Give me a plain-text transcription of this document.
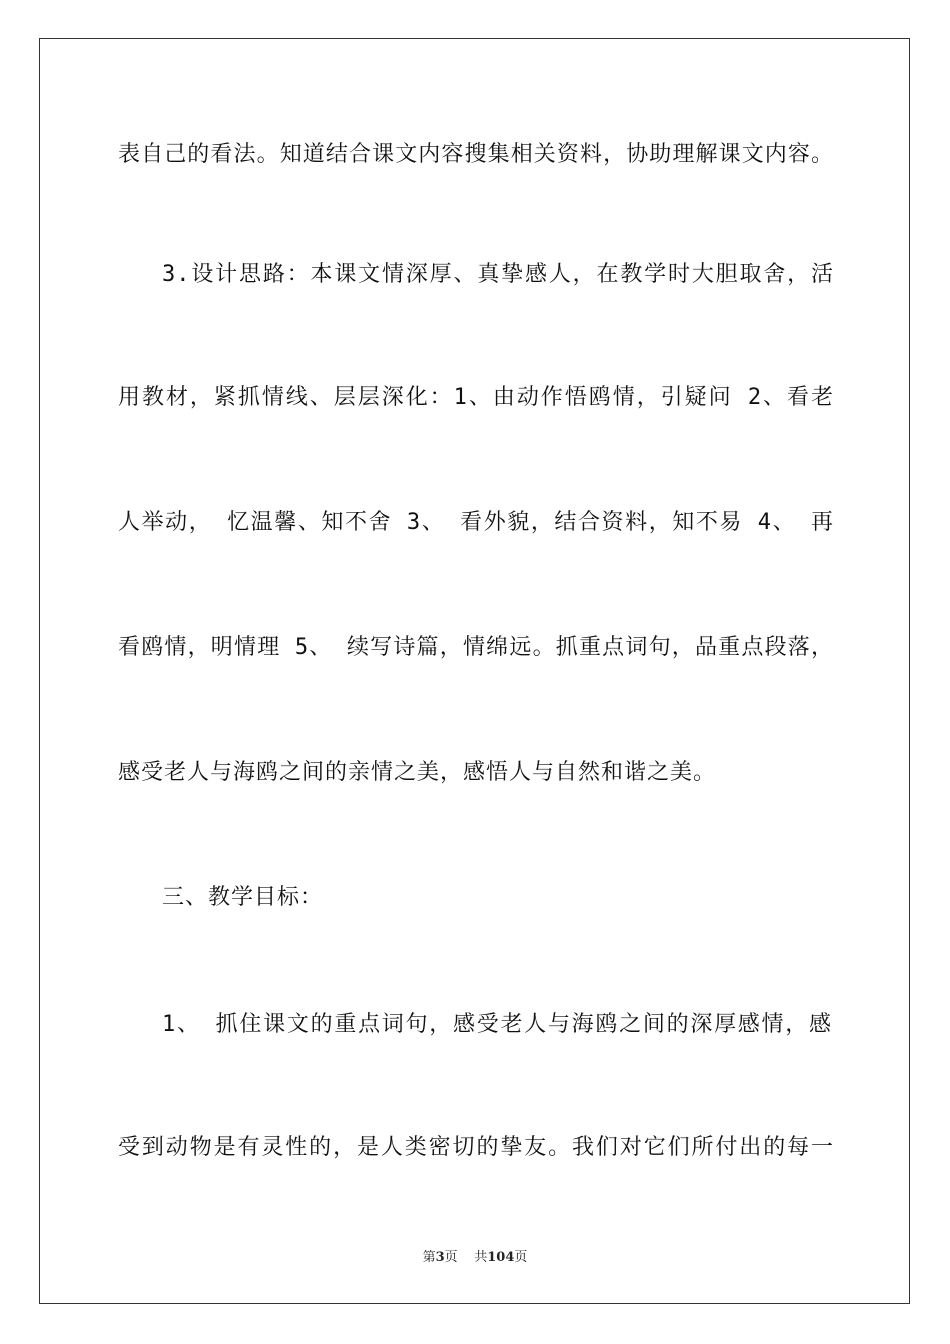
表自己的看法。知道结合课文内容搜集相关资料，协助理解课文内容。
3.设计思路：本课文情深厚、真挚感人，在教学时大胆取舍，活
用教材，紧抓情线、层层深化：1、由动作悟鸥情，引疑问 2、看老
人举动， 忆温馨、知不舍 3、 看外貌，结合资料，知不易 4、 再
看鸥情，明情理 5、 续写诗篇，情绵远。抓重点词句，品重点段落，
感受老人与海鸥之间的亲情之美，感悟人与自然和谐之美。
三、教学目标：
1、 抓住课文的重点词句，感受老人与海鸥之间的深厚感情，感
受到动物是有灵性的，是人类密切的挚友。我们对它们所付出的每一
第3页 共104页
